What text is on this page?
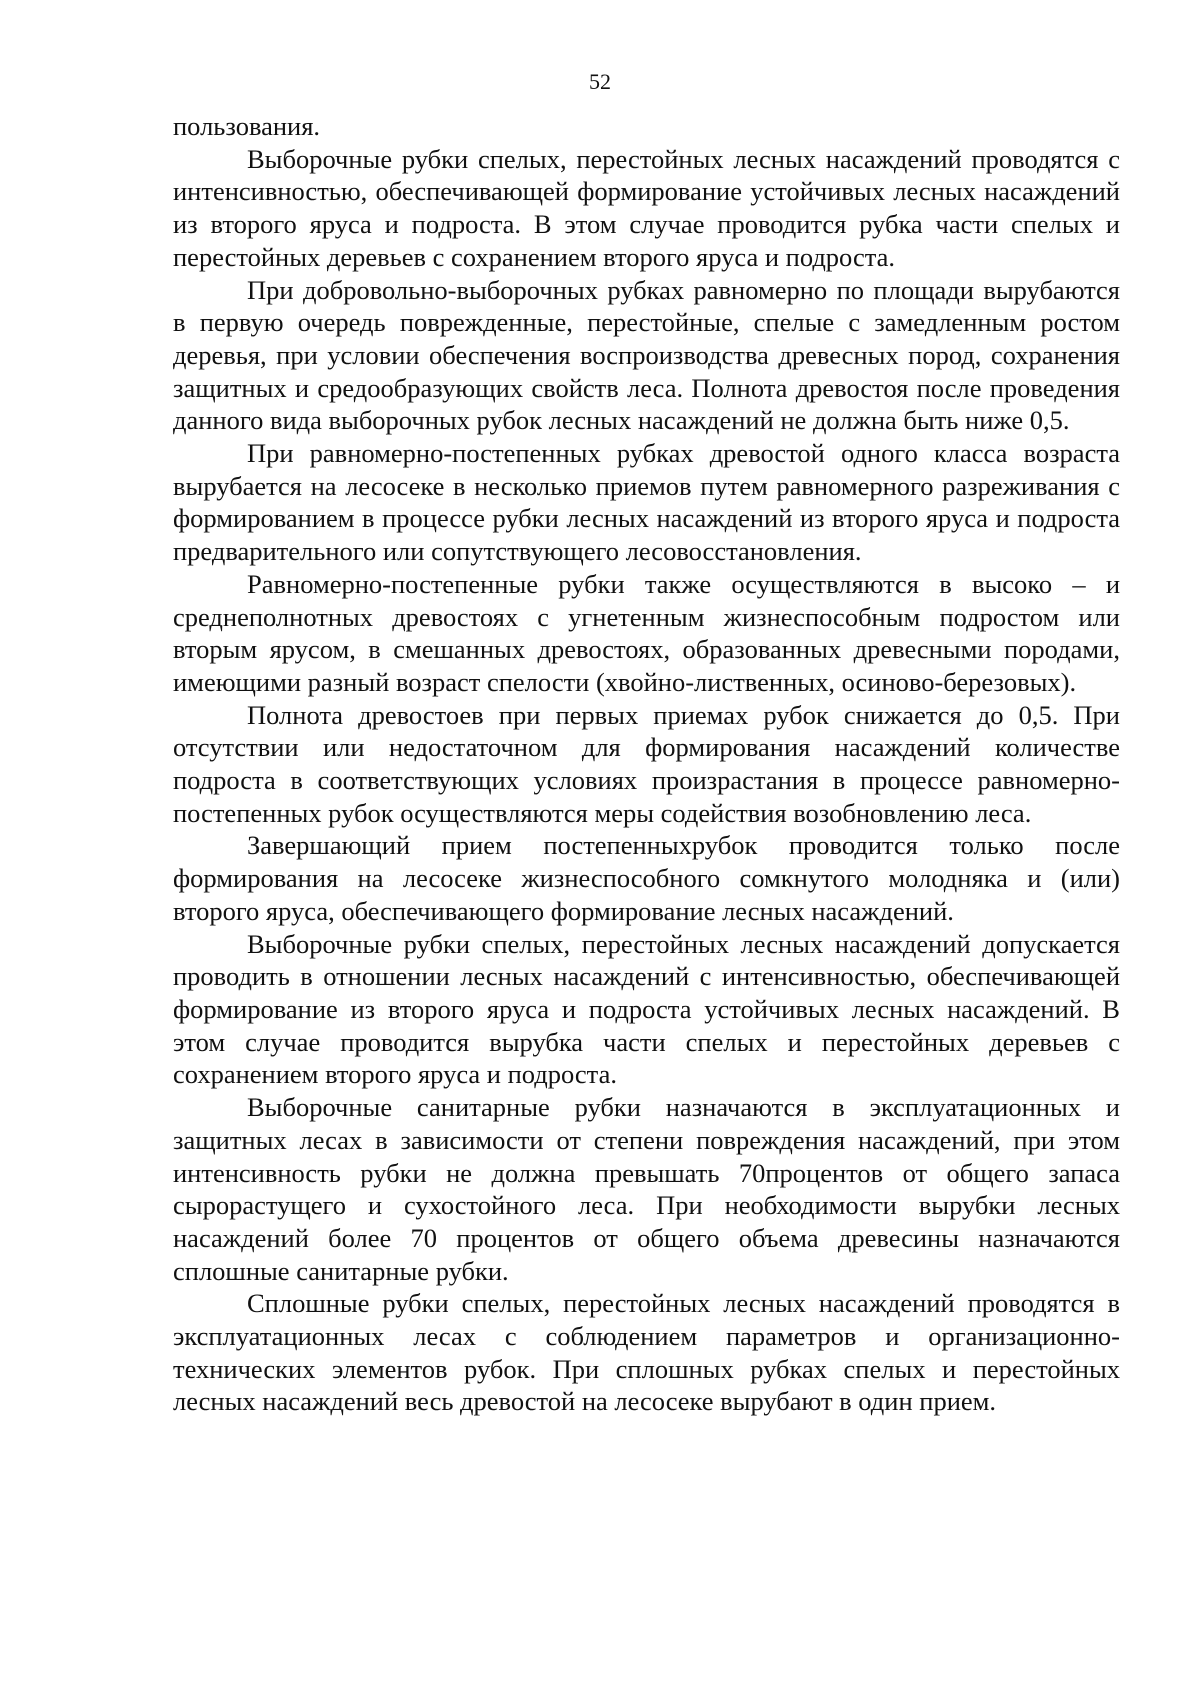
52

пользования.

Выборочные рубки спелых, перестойных лесных насаждений проводятся с интенсивностью, обеспечивающей формирование устойчивых лесных насаждений из второго яруса и подроста. В этом случае проводится рубка части спелых и перестойных деревьев с сохранением второго яруса и подроста.

При добровольно-выборочных рубках равномерно по площади вырубаются в первую очередь поврежденные, перестойные, спелые с замедленным ростом деревья, при условии обеспечения воспроизводства древесных пород, сохранения защитных и средообразующих свойств леса. Полнота древостоя после проведения данного вида выборочных рубок лесных насаждений не должна быть ниже 0,5.

При равномерно-постепенных рубках древостой одного класса возраста вырубается на лесосеке в несколько приемов путем равномерного разреживания с формированием в процессе рубки лесных насаждений из второго яруса и подроста предварительного или сопутствующего лесовосстановления.

Равномерно-постепенные рубки также осуществляются в высоко – и среднеполнотных древостоях с угнетенным жизнеспособным подростом или вторым ярусом, в смешанных древостоях, образованных древесными породами, имеющими разный возраст спелости (хвойно-лиственных, осиново-березовых).

Полнота древостоев при первых приемах рубок снижается до 0,5. При отсутствии или недостаточном для формирования насаждений количестве подроста в соответствующих условиях произрастания в процессе равномерно-постепенных рубок осуществляются меры содействия возобновлению леса.

Завершающий прием постепенныхрубок проводится только после формирования на лесосеке жизнеспособного сомкнутого молодняка и (или) второго яруса, обеспечивающего формирование лесных насаждений.

Выборочные рубки спелых, перестойных лесных насаждений допускается проводить в отношении лесных насаждений с интенсивностью, обеспечивающей формирование из второго яруса и подроста устойчивых лесных насаждений. В этом случае проводится вырубка части спелых и перестойных деревьев с сохранением второго яруса и подроста.

Выборочные санитарные рубки назначаются в эксплуатационных и защитных лесах в зависимости от степени повреждения насаждений, при этом интенсивность рубки не должна превышать 70процентов от общего запаса сырорастущего и сухостойного леса. При необходимости вырубки лесных насаждений более 70 процентов от общего объема древесины назначаются сплошные санитарные рубки.

Сплошные рубки спелых, перестойных лесных насаждений проводятся в эксплуатационных лесах с соблюдением параметров и организационно-технических элементов рубок. При сплошных рубках спелых и перестойных лесных насаждений весь древостой на лесосеке вырубают в один прием.
